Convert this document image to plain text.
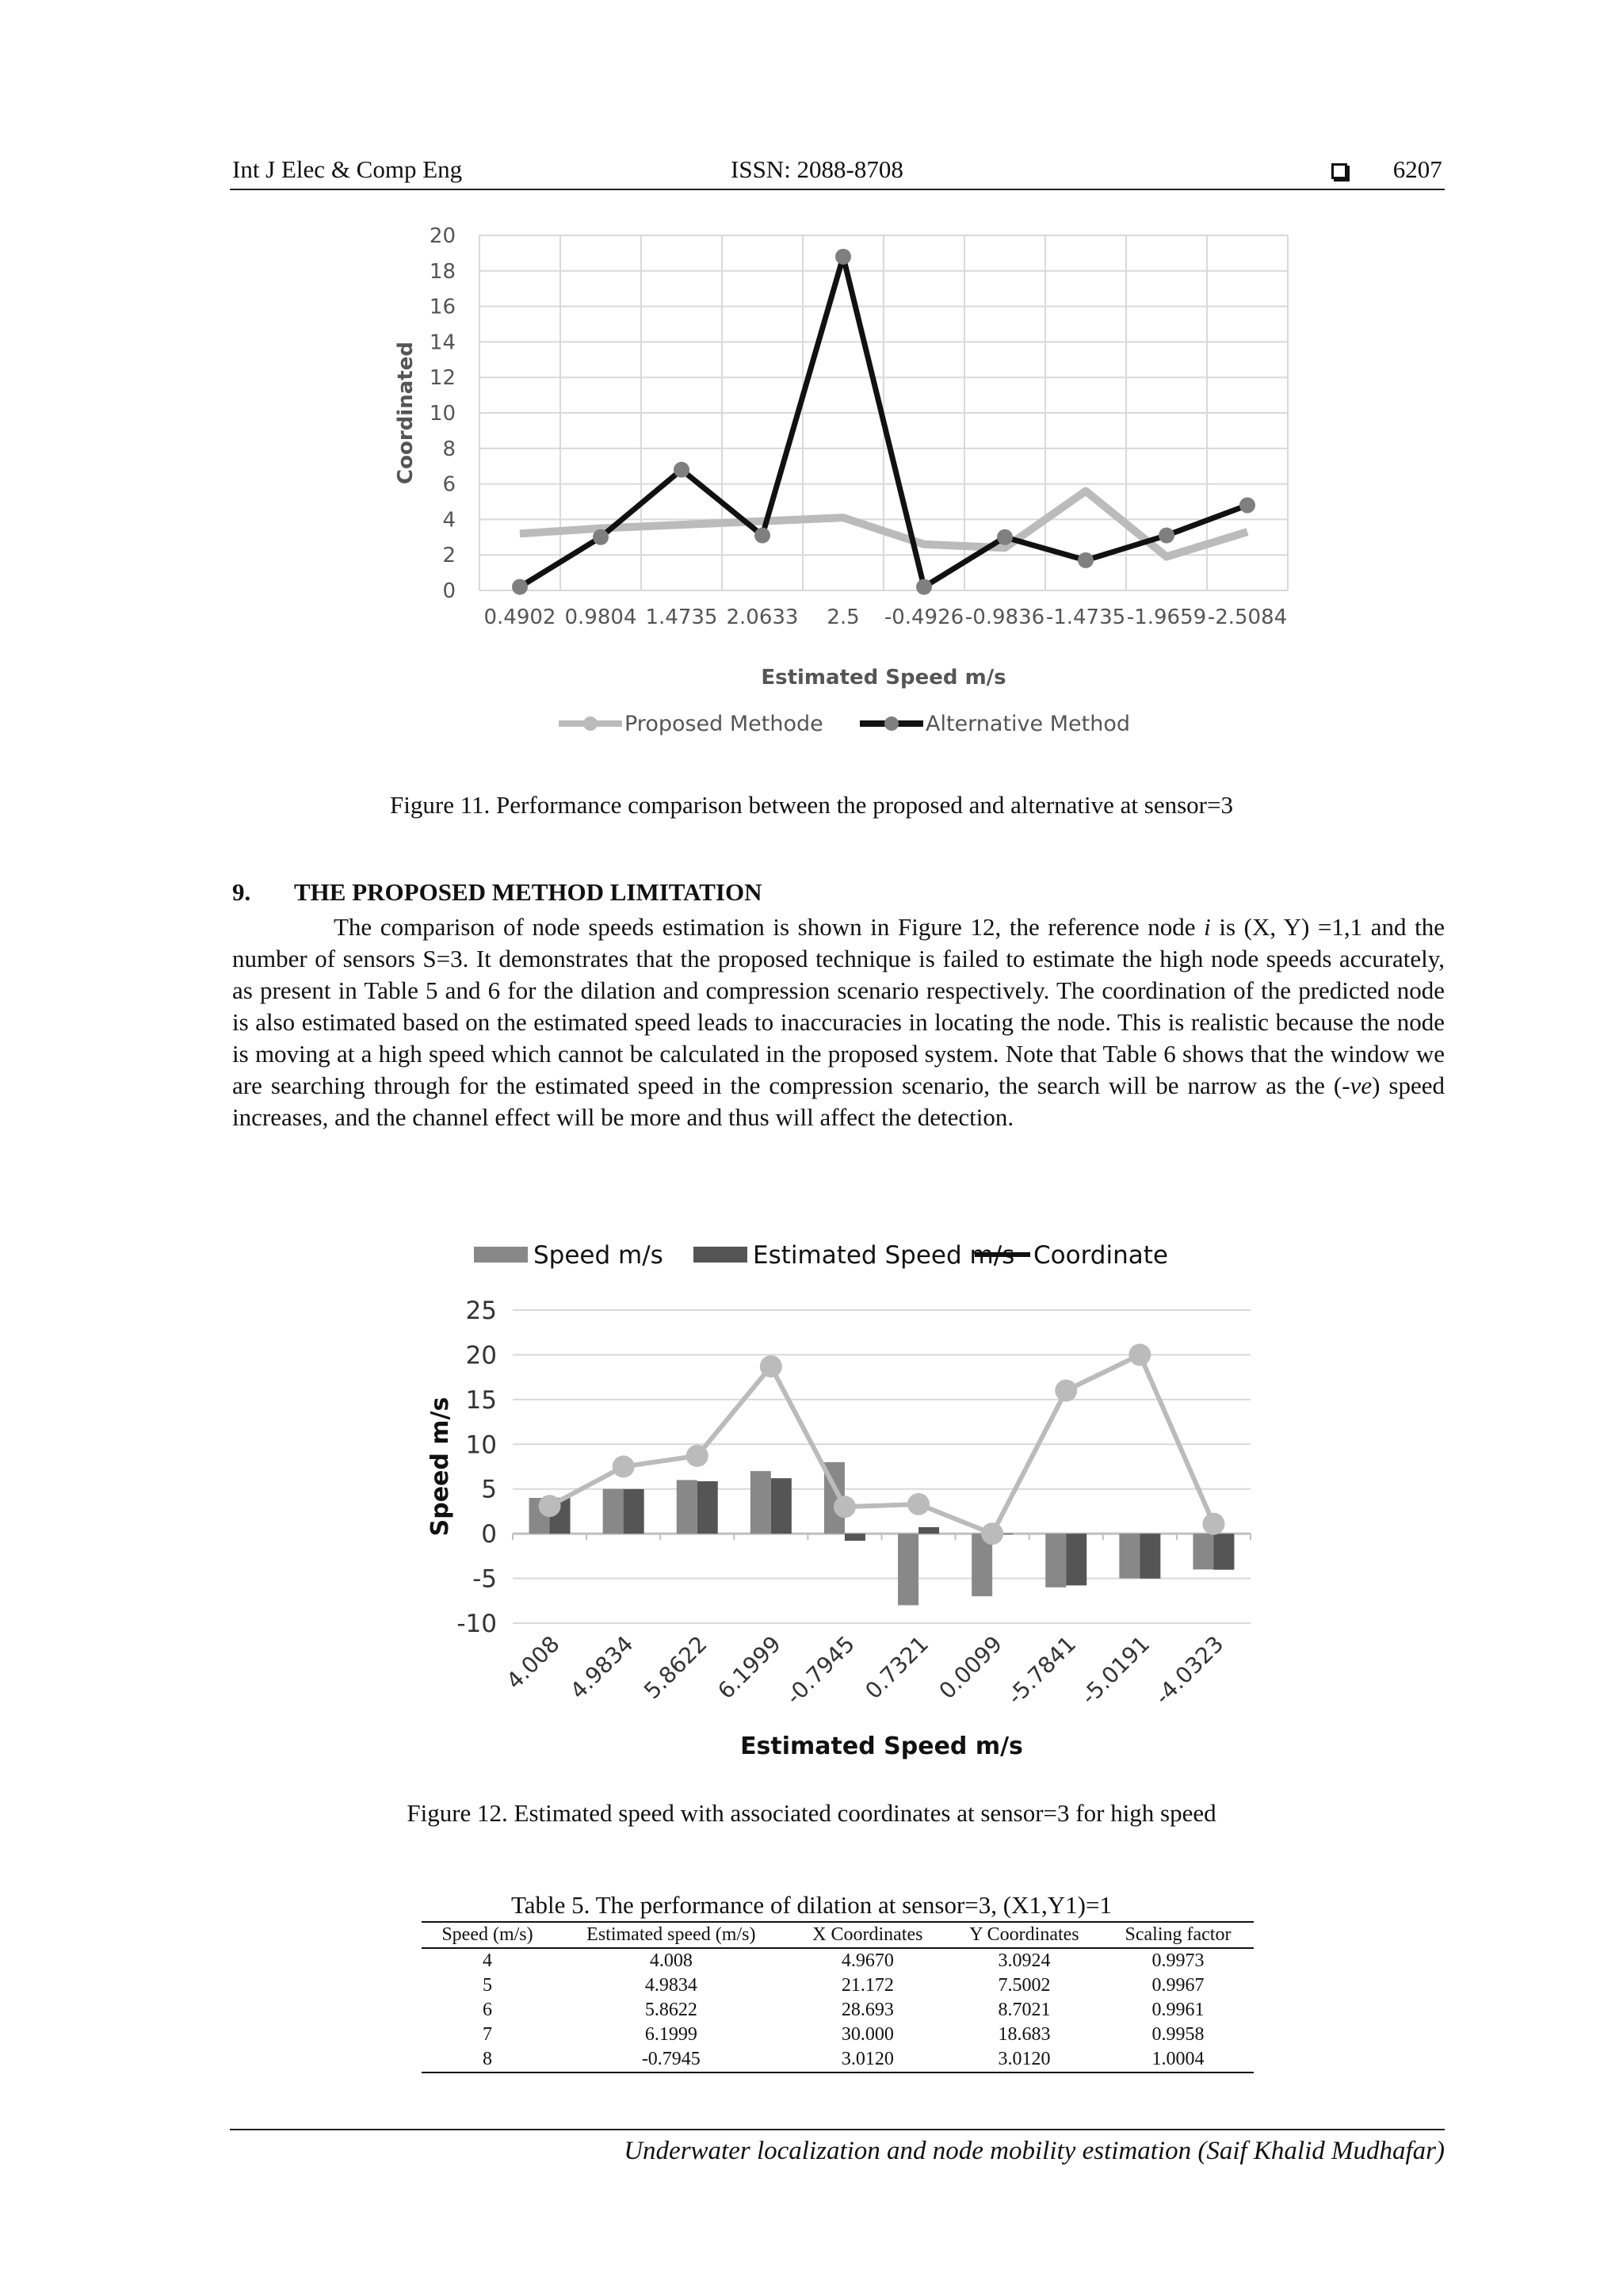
Int J Elec & Comp Eng	ISSN: 2088-8708	6207
0
2
4
6
8
10
12
14
16
18
20
0.4902 0.9804 1.4735 2.0633 2.5 -0.4926 -0.9836 -1.4735 -1.9659 -2.5084
Coordinated
Estimated Speed m/s
Proposed Methode	Alternative Method
Figure 11. Performance comparison between the proposed and alternative at sensor=3
9. THE PROPOSED METHOD LIMITATION

The comparison of node speeds estimation is shown in Figure 12, the reference node i is (X, Y) =1,1 and the number of sensors S=3. It demonstrates that the proposed technique is failed to estimate the high node speeds accurately, as present in Table 5 and 6 for the dilation and compression scenario respectively. The coordination of the predicted node is also estimated based on the estimated speed leads to inaccuracies in locating the node. This is realistic because the node is moving at a high speed which cannot be calculated in the proposed system. Note that Table 6 shows that the window we are searching through for the estimated speed in the compression scenario, the search will be narrow as the (-ve) speed increases, and the channel effect will be more and thus will affect the detection.

-10
-5
0
5
10
15
20
25
4.008 4.9834 5.8622 6.1999
-0.7945 0.7321 0.0099
-5.7841
-5.0191
-4.0323
Speed m/s
Estimated Speed m/s
Speed m/s	Estimated Speed m/s Coordinate
Figure 12. Estimated speed with associated coordinates at sensor=3 for high speed
Table 5. The performance of dilation at sensor=3, (X1,Y1)=1
Speed (m/s)	Estimated speed (m/s)	X Coordinates	Y Coordinates	Scaling factor
4	4.008	4.9670	3.0924	0.9973
5	4.9834	21.172	7.5002	0.9967
6	5.8622	28.693	8.7021	0.9961
7	6.1999	30.000	18.683	0.9958
8	-0.7945	3.0120	3.0120	1.0004
Underwater localization and node mobility estimation (Saif Khalid Mudhafar)
